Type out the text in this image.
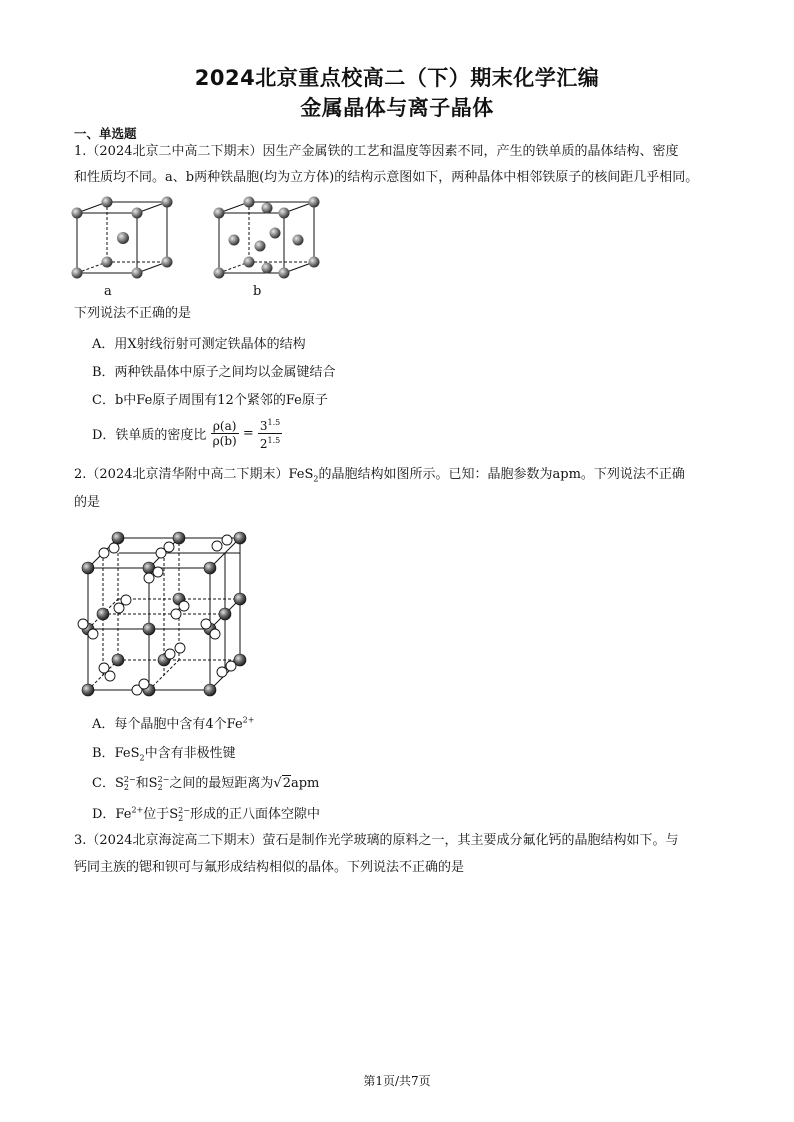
2024北京重点校高二（下）期末化学汇编
金属晶体与离子晶体
一、单选题
1.（2024北京二中高二下期末）因生产金属铁的工艺和温度等因素不同，产生的铁单质的晶体结构、密度
和性质均不同。a、b两种铁晶胞(均为立方体)的结构示意图如下，两种晶体中相邻铁原子的核间距几乎相同。
a	b
下列说法不正确的是
A．用X射线衍射可测定铁晶体的结构
B．两种铁晶体中原子之间均以金属键结合
C．b中Fe原子周围有12个紧邻的Fe原子
D．铁单质的密度比 $\frac{\rho(a)}{\rho(b)} = \frac{3^{1.5}}{2^{1.5}}$
2.（2024北京清华附中高二下期末）FeS$_2$的晶胞结构如图所示。已知：晶胞参数为apm。下列说法不正确
的是
A．每个晶胞中含有4个$Fe^{2+}$
B．FeS$_2$中含有非极性键
C．S 2−
2 和S 2−
2 之间的最短距离为√2apm
D．$Fe^{2+}$位于S 2−
2 形成的正八面体空隙中
3.（2024北京海淀高二下期末）萤石是制作光学玻璃的原料之一，其主要成分氟化钙的晶胞结构如下。与
钙同主族的锶和钡可与氟形成结构相似的晶体。下列说法不正确的是
第1页/共7页
